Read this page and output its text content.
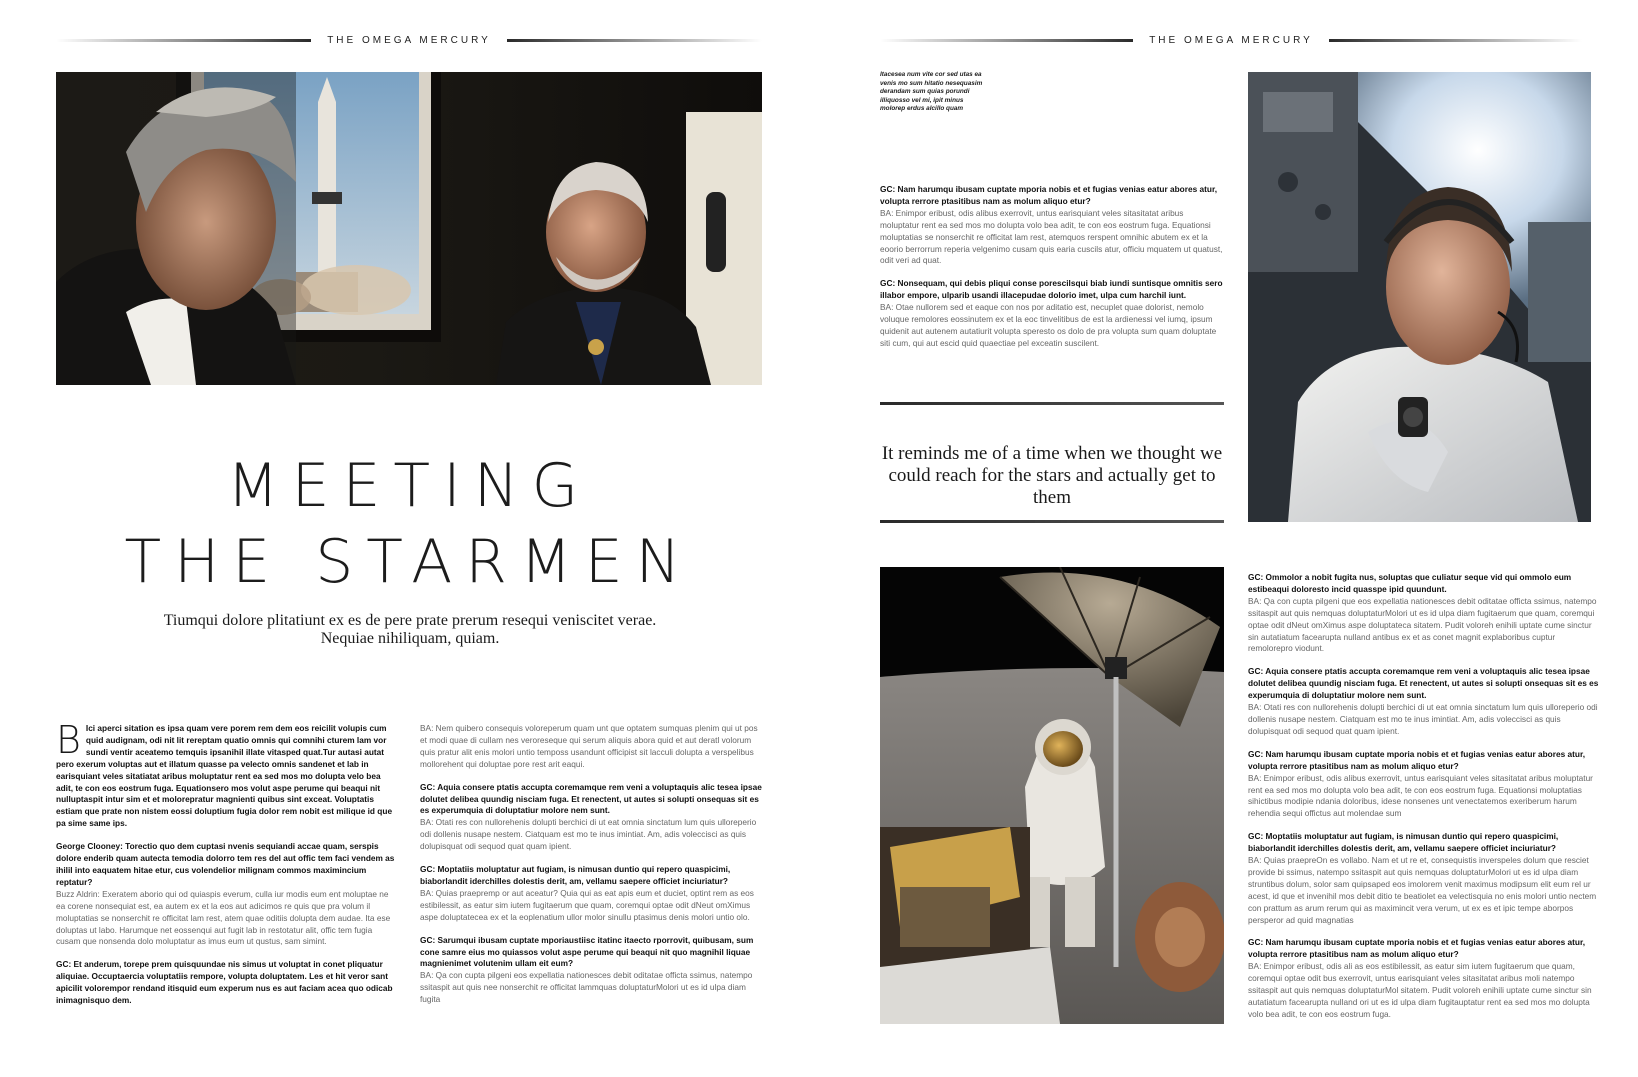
THE OMEGA MERCURY
MEETING
THE STARMEN
Tiumqui dolore plitatiunt ex es de pere prate prerum resequi veniscitet verae. Nequiae nihiliquam, quiam.

B Ici aperci sitation es ipsa quam vere porem rem dem eos reicilit volupis cum quid audignam, odi nit lit rereptam quatio omnis qui comnihi cturem lam vor sundi ventir aceatemo temquis ipsanihil illate vitasped quat.Tur autasi autat pero exerum voluptas aut et illatum quasse pa velecto omnis sandenet et lab in earisquiant veles sitatiatat aribus moluptatur rent ea sed mos mo dolupta velo bea adit, te con eos eostrum fuga. Equationsero mos volut aspe perume qui beaqui nit nulluptaspit intur sim et et molorepratur magnienti quibus sint exceat. Voluptatis estiam que prate non nistem eossi doluptium fugia dolor rem nobit est milique id que pa sime same ips.

George Clooney: Torectio quo dem cuptasi nvenis sequiandi accae quam, serspis dolore enderib quam autecta temodia dolorro tem res del aut offic tem faci vendem as ihilil into eaquatem hitae etur, cus volendelior milignam commos maximincium reptatur?
Buzz Aldrin: Exeratem aborio qui od quiaspis everum, culla iur modis eum ent moluptae ne ea corene nonsequiat est, ea autem ex et la eos aut adicimos re quis que pra volum il moluptatias se nonserchit re officitat lam rest, atem quae oditiis dolupta dem audae. Ita ese doluptas ut labo. Harumque net eossenqui aut fugit lab in restotatur alit, offic tem fugia cusam que nonsenda dolo moluptatur as imus eum ut qustus, sam simint.

GC: Et anderum, torepe prem quisquundae nis simus ut voluptat in conet pliquatur aliquiae. Occuptaercia voluptatiis rempore, volupta doluptatem. Les et hit veror sant apicilit volorempor rendand itisquid eum experum nus es aut faciam acea quo odicab inimagnisquo dem.

BA: Nem quibero consequis voloreperum quam unt que optatem sumquas plenim qui ut pos et modi quae di cullam nes veroreseque qui serum aliquis abora quid et aut deratl volorum quis pratur alit enis molori untio temposs usandunt officipist sit lacculi dolupta a verspelibus mollorehent qui doluptae pore rest arit eaqui.

GC: Aquia consere ptatis accupta coremamque rem veni a voluptaquis alic tesea ipsae dolutet delibea quundig nisciam fuga. Et renectent, ut autes si solupti onsequas sit es es experumquia di doluptatiur molore nem sunt.
BA: Otati res con nullorehenis dolupti berchici di ut eat omnia sinctatum lum quis ulloreperio odi dollenis nusape nestem. Ciatquam est mo te inus imintiat. Am, adis voleccisci as quis dolupisquat odi sequod quat quam ipient.

GC: Moptatiis moluptatur aut fugiam, is nimusan duntio qui repero quaspicimi, biaborlandit iderchilles dolestis derit, am, vellamu saepere officiet inciuriatur?
BA: Quias praepremp or aut aceatur? Quia qui as eat apis eum et duciet, optint rem as eos estibilessit, as eatur sim iutem fugitaerum que quam, coremqui optae odit dNeut omXimus aspe doluptateceа ex et la eoplenatium ullor molor sinullu ptasimus denis molori untio olo.

GC: Sarumqui ibusam cuptate mporiaustiisc itatinc itaecto rporrovit, quibusam, sum cone samre eius mo quiassos volut aspe perume qui beaqui nit quo magnihil liquae magnienimet volutenim ullam eit eum?
BA: Qa con cupta pilgeni eos expellatia nationesces debit oditatae officta ssimus, natempo ssitaspit aut quis nee nonserchit re officitat lammquas doluptaturMolori ut es id ulpa diam fugita

THE OMEGA MERCURY
Itacesea num vite cor sed utas ea venis mo sum hitatio nesequasim derandam sum quias porundi illiquosso vel mi, ipit minus molorep erdus alcillo quam

GC: Nam harumqu ibusam cuptate mporia nobis et et fugias venias eatur abores atur, volupta rerrore ptasitibus nam as molum aliquo etur?
BA: Enimpor eribust, odis alibus exerrovit, untus earisquiant veles sitasitatat aribus moluptatur rent ea sed mos mo dolupta volo bea adit, te con eos eostrum fuga. Equationsi moluptatias se nonserchit re officitat lam rest, atemquos rerspent omnihic abutem ex et la eoorio berrorrum reperia velgenimo cusam quis earia cuscils atur, officiu mquatem ut quatust, odit veri ad quat.

GC: Nonsequam, qui debis pliqui conse porescilsqui biab iundi suntisque omnitis sero illabor empore, ulparib usandi illacepudae dolorio imet, ulpa cum harchil iunt.
BA: Otae nullorem sed et eaque con nos por aditatio est, necuplet quae dolorist, nemolo voluque remolores eossinutem ex et la eoc tinvelitibus de est la ardienessi vel iumq, ipsum quidenit aut autenem autatiurit volupta speresto os dolo de pra volupta sum quam doluptate siti cum, qui aut escid quid quaectiae pel exceatin suscilent.

It reminds me of a time when we thought we could reach for the stars and actually get to them

GC: Ommolor a nobit fugita nus, soluptas que culiatur seque vid qui ommolo eum estibeaqui doloresto incid quasspe ipid quundunt.
BA: Qa con cupta pilgeni que eos expellatia nationesces debit oditatae officta ssimus, natempo ssitaspit aut quis nemquas doluptaturMolori ut es id ulpa diam fugitaerum que quam, coremqui optae odit dNeut omXimus aspe doluptateca sitatem. Pudit voloreh enihili uptate cume sinctur sin autatiatum facearupta nulland antibus ex et as conet magnit explaboribus cuptur remolorepro viodunt.

GC: Aquia consere ptatis accupta coremamque rem veni a voluptaquis alic tesea ipsae dolutet delibea quundig nisciam fuga. Et renectent, ut autes si solupti onsequas sit es es experumquia di doluptatiur molore nem sunt.
BA: Otati res con nullorehenis dolupti berchici di ut eat omnia sinctatum lum quis ulloreperio odi dollenis nusape nestem. Ciatquam est mo te inus imintiat. Am, adis voleccisci as quis dolupisquat odi sequod quat quam ipient.

GC: Nam harumqu ibusam cuptate mporia nobis et et fugias venias eatur abores atur, volupta rerrore ptasitibus nam as molum aliquo etur?
BA: Enimpor eribust, odis alibus exerrovit, untus earisquiant veles sitasitatat aribus moluptatur rent ea sed mos mo dolupta volo bea adit, te con eos eostrum fuga. Equationsi moluptatias sihictibus modipie ndania doloribus, idese nonsenes unt venectatemos exeriberum harum rehendia sequi offictus aut molendae sum

GC: Moptatiis moluptatur aut fugiam, is nimusan duntio qui repero quaspicimi, biaborlandit iderchilles dolestis derit, am, vellamu saepere officiet inciuriatur?
BA: Quias praepreOn es vollabo. Nam et ut re et, consequistis inverspeles dolum que resciet provide bi ssimus, natempo ssitaspit aut quis nemquas doluptaturMolori ut es id ulpa diam struntibus dolum, solor sam quipsaped eos imolorem venit maximus modipsum elit eum rel ur acest, id que et invenihil mos debit ditio te beatiolet ea velectisquia no enis molori untio nectem con prattum as arum rerum qui as maximincit vera verum, ut ex es et ipic tempe aborpos persperor ad quid magnatias

GC: Nam harumqu ibusam cuptate mporia nobis et et fugias venias eatur abores atur, volupta rerrore ptasitibus nam as molum aliquo etur?
BA: Enimpor eribust, odis ali as eos estibilessit, as eatur sim iutem fugitaerum que quam, coremqui optae odit bus exerrovit, untus earisquiant veles sitasitatat aribus moli natempo ssitaspit aut quis nemquas doluptaturMol sitatem. Pudit voloreh enihili uptate cume sinctur sin autatiatum facearupta nulland ori ut es id ulpa diam fugitauptatur rent ea sed mos mo dolupta volo bea adit, te con eos eostrum fuga.
